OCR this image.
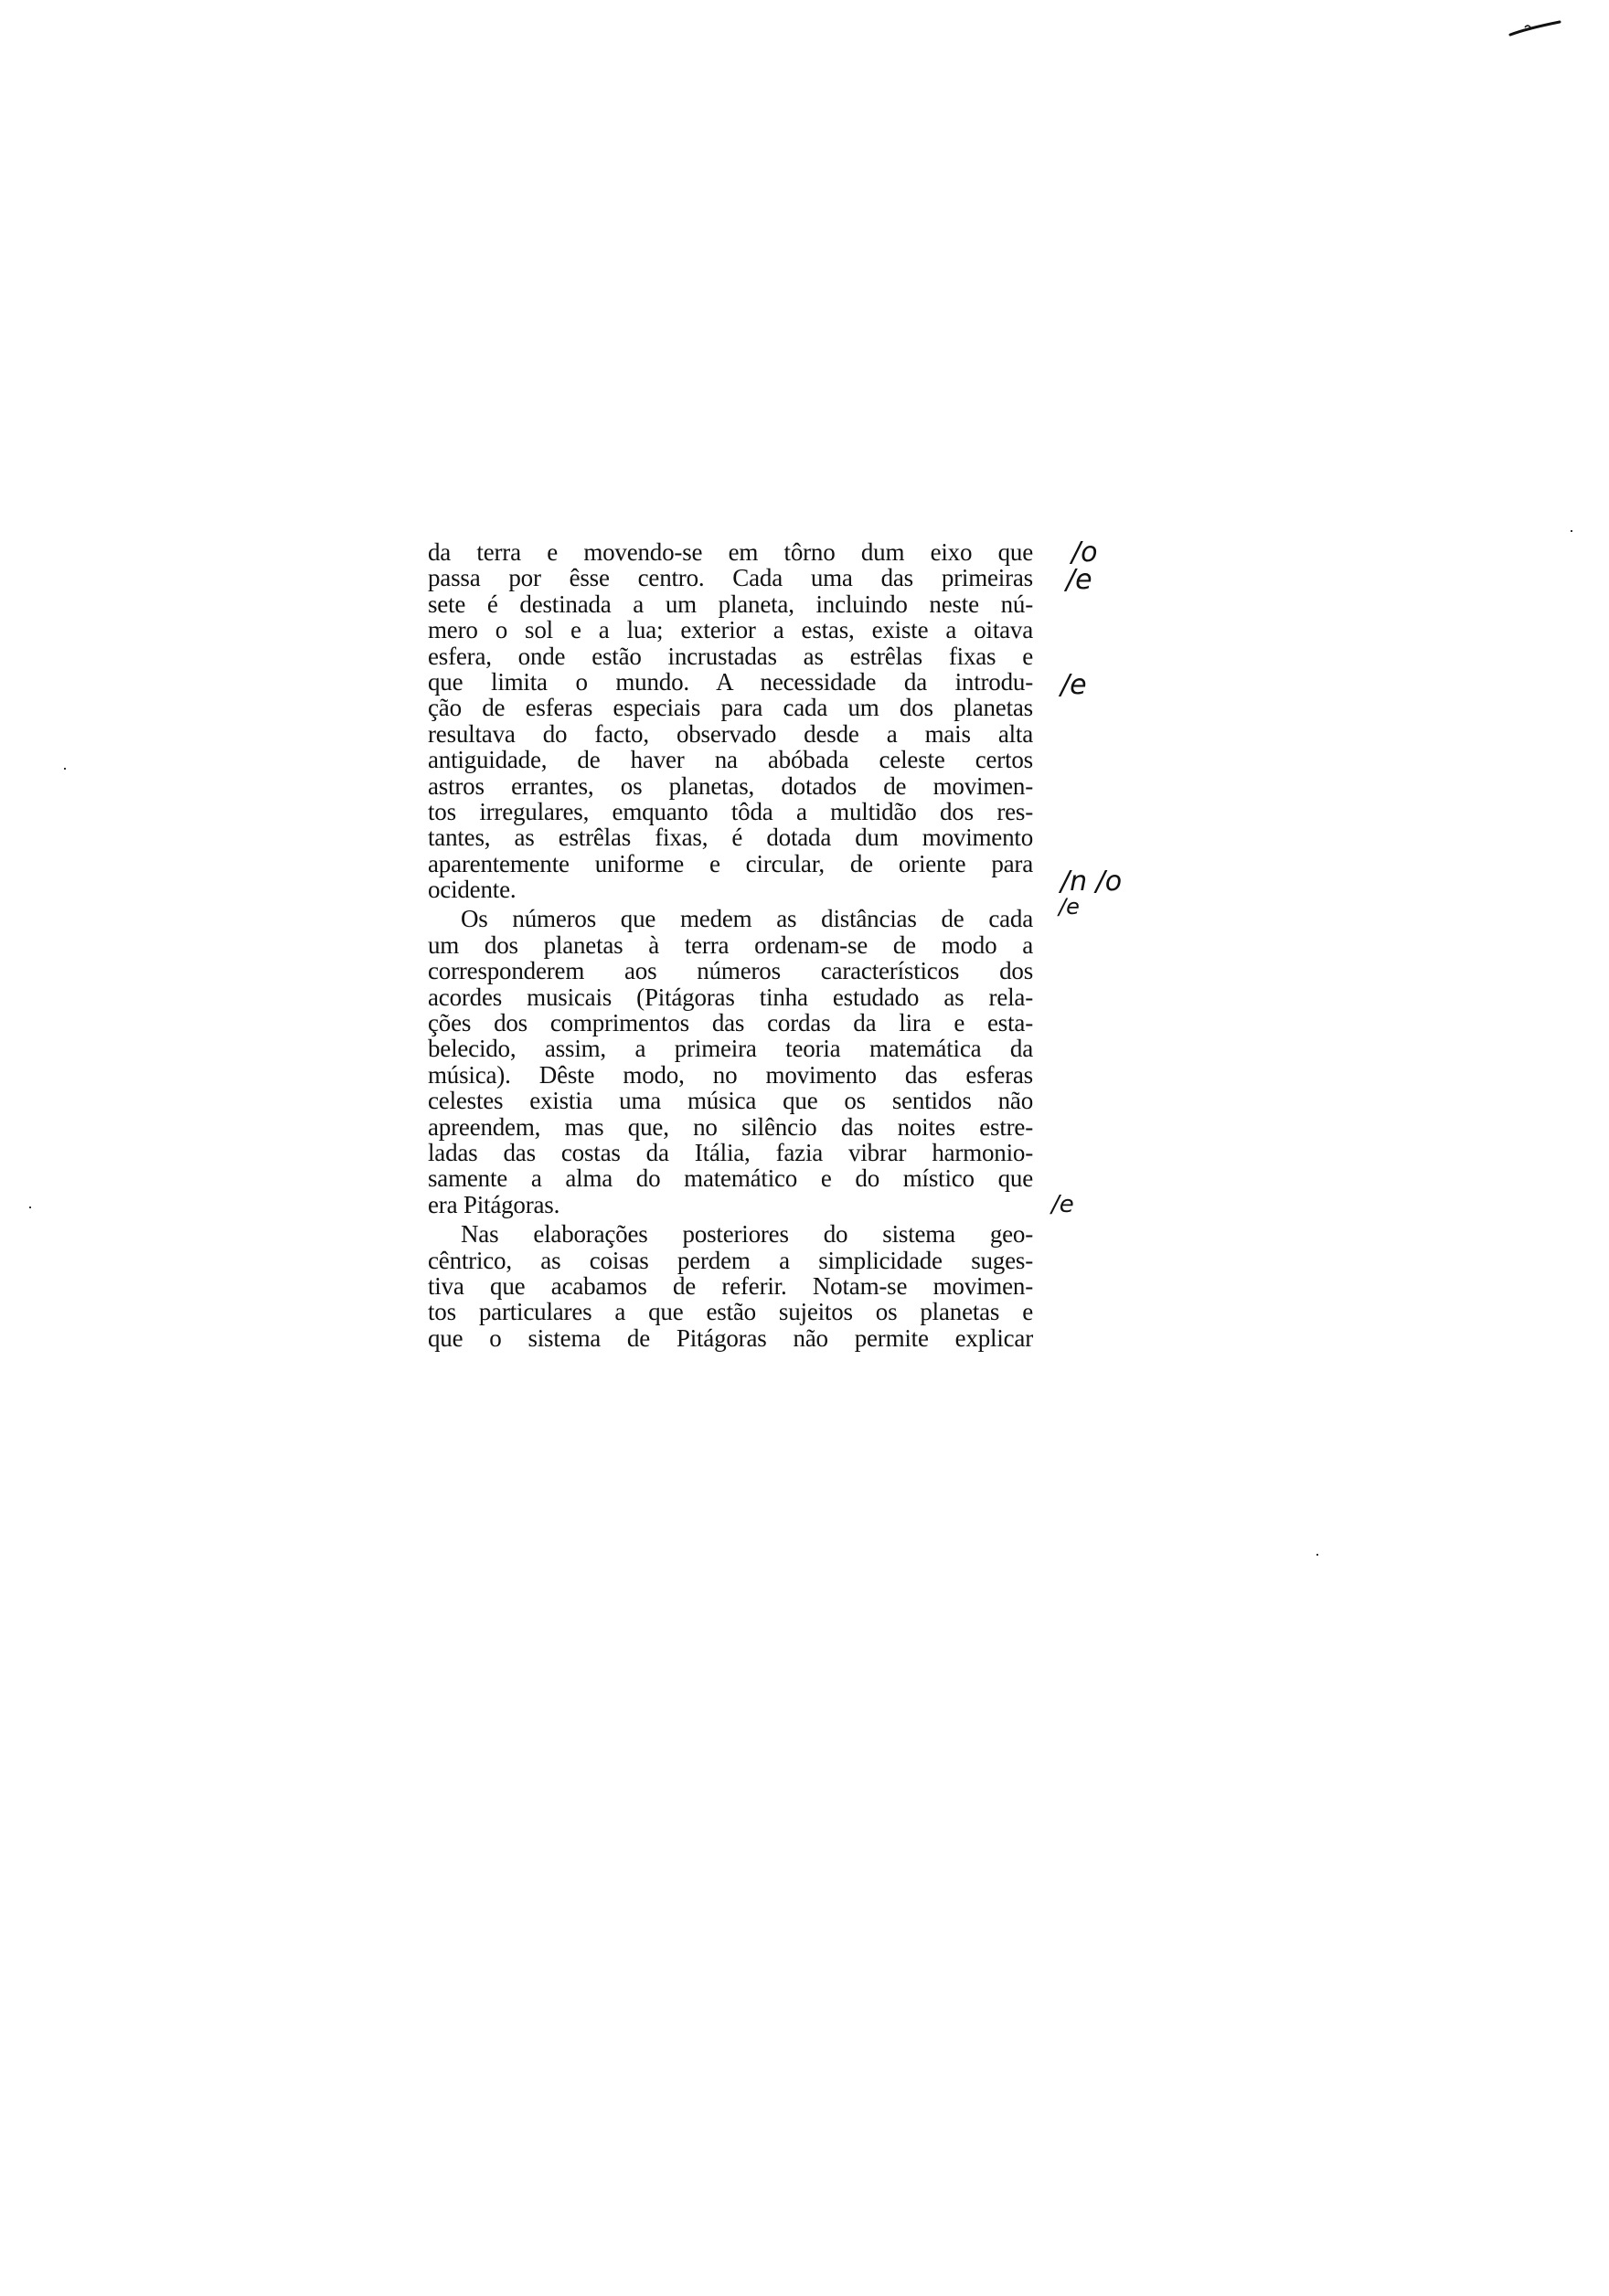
da terra e movendo-se em tôrno dum eixo que
passa por êsse centro. Cada uma das primeiras
sete é destinada a um planeta, incluindo neste nú-
mero o sol e a lua; exterior a estas, existe a oitava
esfera, onde estão incrustadas as estrêlas fixas e
que limita o mundo. A necessidade da introdu-
ção de esferas especiais para cada um dos planetas
resultava do facto, observado desde a mais alta
antiguidade, de haver na abóbada celeste certos
astros errantes, os planetas, dotados de movimen-
tos irregulares, emquanto tôda a multidão dos res-
tantes, as estrêlas fixas, é dotada dum movimento
aparentemente uniforme e circular, de oriente para
ocidente.
Os números que medem as distâncias de cada
um dos planetas à terra ordenam-se de modo a
corresponderem aos números característicos dos
acordes musicais (Pitágoras tinha estudado as rela-
ções dos comprimentos das cordas da lira e esta-
belecido, assim, a primeira teoria matemática da
música). Dêste modo, no movimento das esferas
celestes existia uma música que os sentidos não
apreendem, mas que, no silêncio das noites estre-
ladas das costas da Itália, fazia vibrar harmonio-
samente a alma do matemático e do místico que
era Pitágoras.
Nas elaborações posteriores do sistema geo-
cêntrico, as coisas perdem a simplicidade suges-
tiva que acabamos de referir. Notam-se movimen-
tos particulares a que estão sujeitos os planetas e
que o sistema de Pitágoras não permite explicar
/o
/e
/e
/n /o
/e
/e
